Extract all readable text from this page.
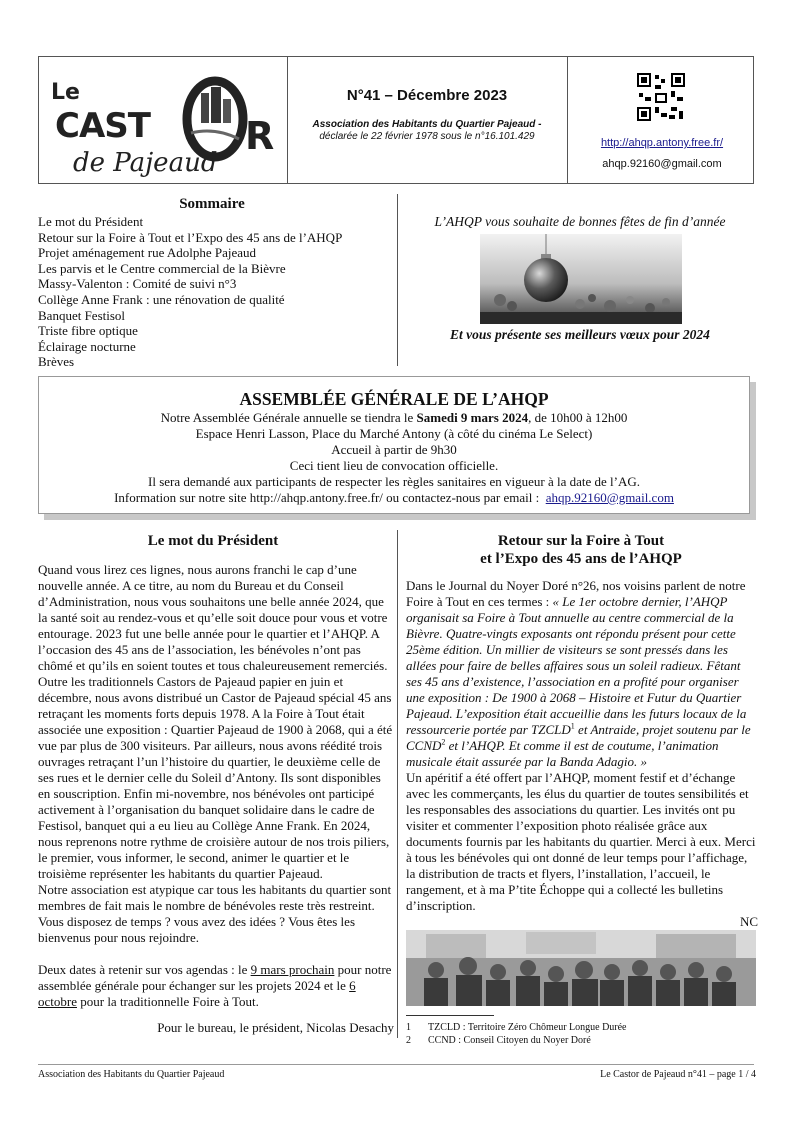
Le
CAST	R
de Pajeaud
N°41 – Décembre 2023
Association des Habitants du Quartier Pajeaud -
déclarée le 22 février 1978 sous le n°16.101.429
http://ahqp.antony.free.fr/
ahqp.92160@gmail.com
Sommaire
Le mot du Président
Retour sur la Foire à Tout et l’Expo des 45 ans de l’AHQP
Projet aménagement rue Adolphe Pajeaud
Les parvis et le Centre commercial de la Bièvre
Massy-Valenton : Comité de suivi n°3
Collège Anne Frank : une rénovation de qualité
Banquet Festisol
Triste fibre optique
Éclairage nocturne
Brèves
L’AHQP vous souhaite de bonnes fêtes de fin d’année
Et vous présente ses meilleurs vœux pour 2024
ASSEMBLÉE GÉNÉRALE DE L’AHQP
Notre Assemblée Générale annuelle se tiendra le Samedi 9 mars 2024, de 10h00 à 12h00
Espace Henri Lasson, Place du Marché Antony (à côté du cinéma Le Select)
Accueil à partir de 9h30
Ceci tient lieu de convocation officielle.
Il sera demandé aux participants de respecter les règles sanitaires en vigueur à la date de l’AG.
Information sur notre site http://ahqp.antony.free.fr/ ou contactez-nous par email : ahqp.92160@gmail.com
Le mot du Président

Quand vous lirez ces lignes, nous aurons franchi le cap d’une nouvelle année. A ce titre, au nom du Bureau et du Conseil d’Administration, nous vous souhaitons une belle année 2024, que la santé soit au rendez-vous et qu’elle soit douce pour vous et votre entourage. 2023 fut une belle année pour le quartier et l’AHQP. A l’occasion des 45 ans de l’association, les bénévoles n’ont pas chômé et qu’ils en soient toutes et tous chaleureusement remerciés. Outre les traditionnels Castors de Pajeaud papier en juin et décembre, nous avons distribué un Castor de Pajeaud spécial 45 ans retraçant les moments forts depuis 1978. A la Foire à Tout était associée une exposition : Quartier Pajeaud de 1900 à 2068, qui a été vue par plus de 300 visiteurs. Par ailleurs, nous avons réédité trois ouvrages retraçant l’un l’histoire du quartier, le deuxième celle de ses rues et le dernier celle du Soleil d’Antony. Ils sont disponibles en souscription. Enfin mi-novembre, nos bénévoles ont participé activement à l’organisation du banquet solidaire dans le cadre de Festisol, banquet qui a eu lieu au Collège Anne Frank. En 2024, nous reprenons notre rythme de croisière autour de nos trois piliers, le premier, vous informer, le second, animer le quartier et le troisième représenter les habitants du quartier Pajeaud.

Notre association est atypique car tous les habitants du quartier sont membres de fait mais le nombre de bénévoles reste très restreint. Vous disposez de temps ? vous avez des idées ? Vous êtes les bienvenus pour nous rejoindre.

Deux dates à retenir sur vos agendas : le 9 mars prochain pour notre assemblée générale pour échanger sur les projets 2024 et le 6 octobre pour la traditionnelle Foire à Tout.

Pour le bureau, le président, Nicolas Desachy

Retour sur la Foire à Tout
et l’Expo des 45 ans de l’AHQP

Dans le Journal du Noyer Doré n°26, nos voisins parlent de notre Foire à Tout en ces termes : « Le 1er octobre dernier, l’AHQP organisait sa Foire à Tout annuelle au centre commercial de la Bièvre. Quatre-vingts exposants ont répondu présent pour cette 25ème édition. Un millier de visiteurs se sont pressés dans les allées pour faire de belles affaires sous un soleil radieux. Fêtant ses 45 ans d’existence, l’association en a profité pour organiser une exposition : De 1900 à 2068 – Histoire et Futur du Quartier Pajeaud. L’exposition était accueillie dans les futurs locaux de la ressourcerie portée par TZCLD$^1$ et Antraide, projet soutenu par le CCND$^2$ et l’AHQP. Et comme il est de coutume, l’animation musicale était assurée par la Banda Adagio. »

Un apéritif a été offert par l’AHQP, moment festif et d’échange avec les commerçants, les élus du quartier de toutes sensibilités et les responsables des associations du quartier. Les invités ont pu visiter et commenter l’exposition photo réalisée grâce aux documents fournis par les habitants du quartier. Merci à eux. Merci à tous les bénévoles qui ont donné de leur temps pour l’affichage, la distribution de tracts et flyers, l’installation, l’accueil, le rangement, et à ma P’tite Échoppe qui a collecté les bulletins d’inscription.

NC

1 TZCLD : Territoire Zéro Chômeur Longue Durée
2 CCND : Conseil Citoyen du Noyer Doré
Association des Habitants du Quartier Pajeaud	Le Castor de Pajeaud n°41 – page 1 / 4
